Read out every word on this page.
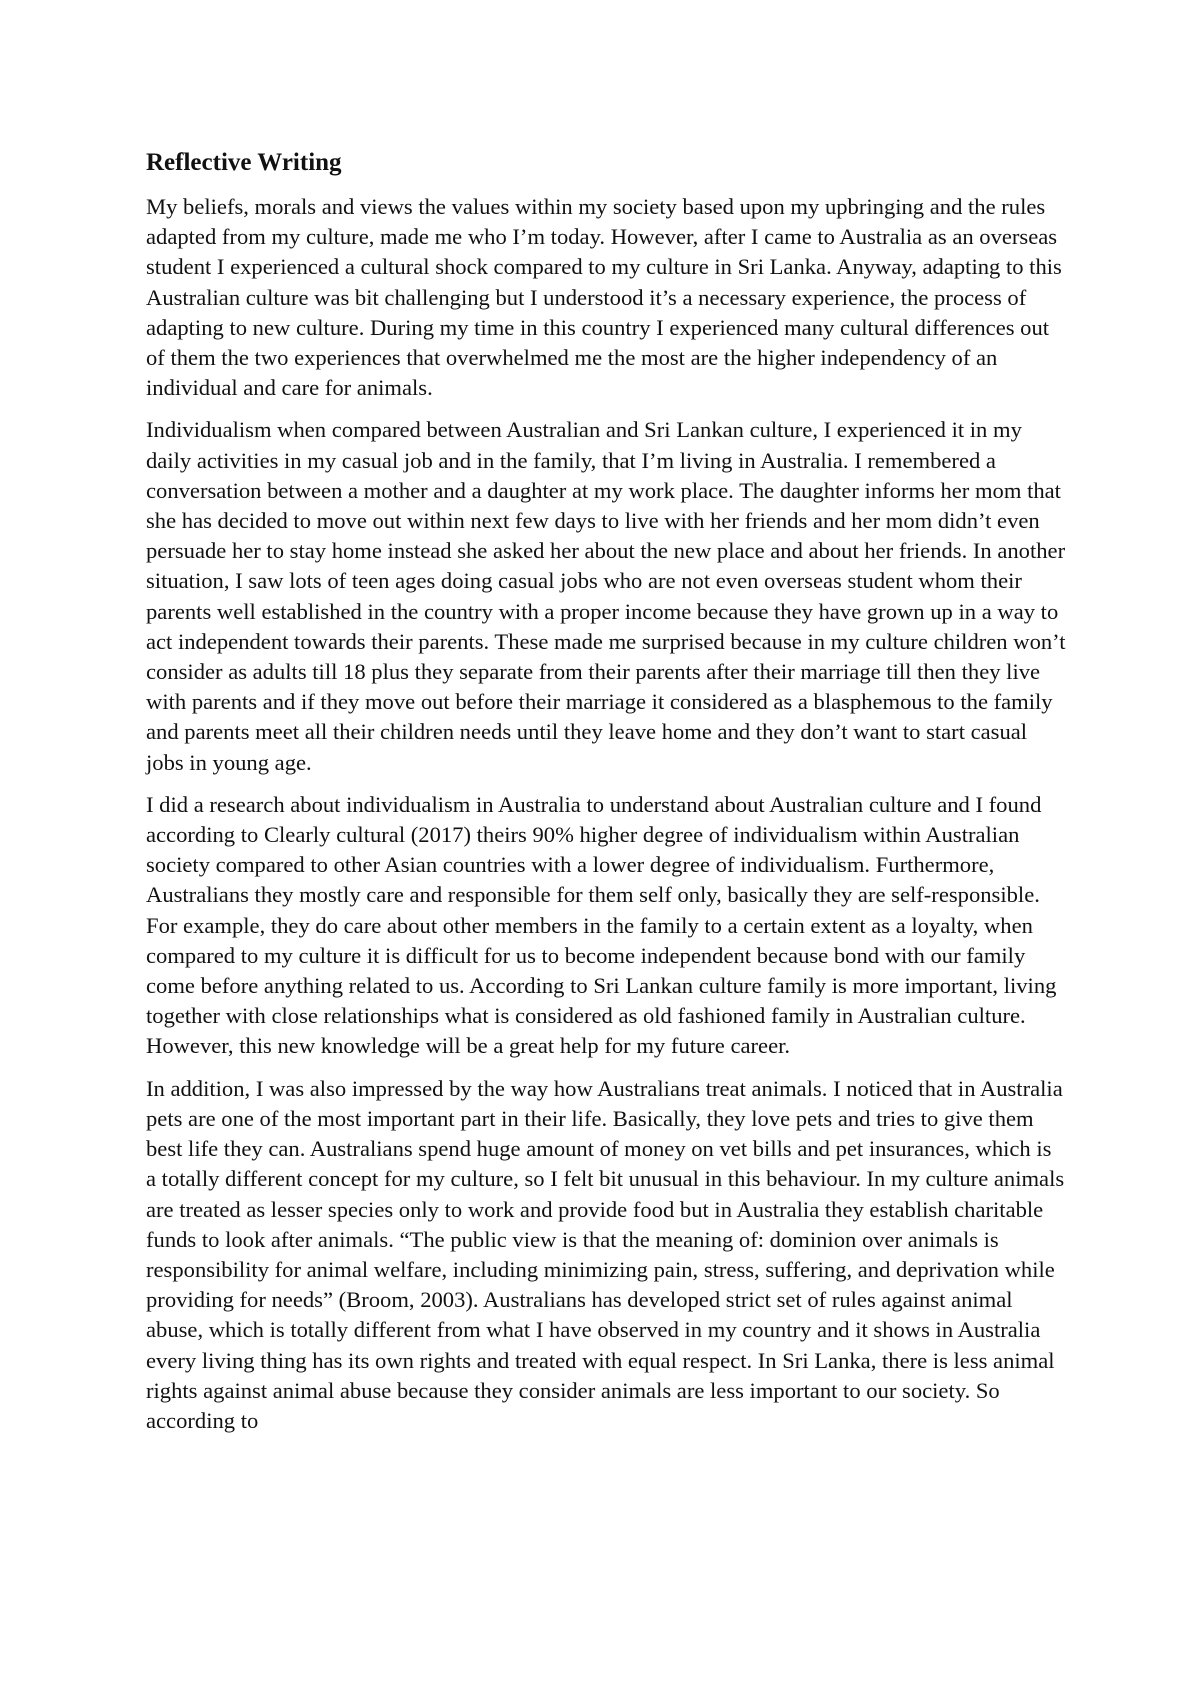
Reflective Writing

My beliefs, morals and views the values within my society based upon my upbringing and the rules adapted from my culture, made me who I’m today. However, after I came to Australia as an overseas student I experienced a cultural shock compared to my culture in Sri Lanka. Anyway, adapting to this Australian culture was bit challenging but I understood it’s a necessary experience, the process of adapting to new culture. During my time in this country I experienced many cultural differences out of them the two experiences that overwhelmed me the most are the higher independency of an individual and care for animals.

Individualism when compared between Australian and Sri Lankan culture, I experienced it in my daily activities in my casual job and in the family, that I’m living in Australia. I remembered a conversation between a mother and a daughter at my work place. The daughter informs her mom that she has decided to move out within next few days to live with her friends and her mom didn’t even persuade her to stay home instead she asked her about the new place and about her friends. In another situation, I saw lots of teen ages doing casual jobs who are not even overseas student whom their parents well established in the country with a proper income because they have grown up in a way to act independent towards their parents. These made me surprised because in my culture children won’t consider as adults till 18 plus they separate from their parents after their marriage till then they live with parents and if they move out before their marriage it considered as a blasphemous to the family and parents meet all their children needs until they leave home and they don’t want to start casual jobs in young age.

I did a research about individualism in Australia to understand about Australian culture and I found according to Clearly cultural (2017) theirs 90% higher degree of individualism within Australian society compared to other Asian countries with a lower degree of individualism. Furthermore, Australians they mostly care and responsible for them self only, basically they are self-responsible. For example, they do care about other members in the family to a certain extent as a loyalty, when compared to my culture it is difficult for us to become independent because bond with our family come before anything related to us. According to Sri Lankan culture family is more important, living together with close relationships what is considered as old fashioned family in Australian culture. However, this new knowledge will be a great help for my future career.

In addition, I was also impressed by the way how Australians treat animals. I noticed that in Australia pets are one of the most important part in their life. Basically, they love pets and tries to give them best life they can. Australians spend huge amount of money on vet bills and pet insurances, which is a totally different concept for my culture, so I felt bit unusual in this behaviour. In my culture animals are treated as lesser species only to work and provide food but in Australia they establish charitable funds to look after animals. “The public view is that the meaning of: dominion over animals is responsibility for animal welfare, including minimizing pain, stress, suffering, and deprivation while providing for needs” (Broom, 2003). Australians has developed strict set of rules against animal abuse, which is totally different from what I have observed in my country and it shows in Australia every living thing has its own rights and treated with equal respect. In Sri Lanka, there is less animal rights against animal abuse because they consider animals are less important to our society. So according to
